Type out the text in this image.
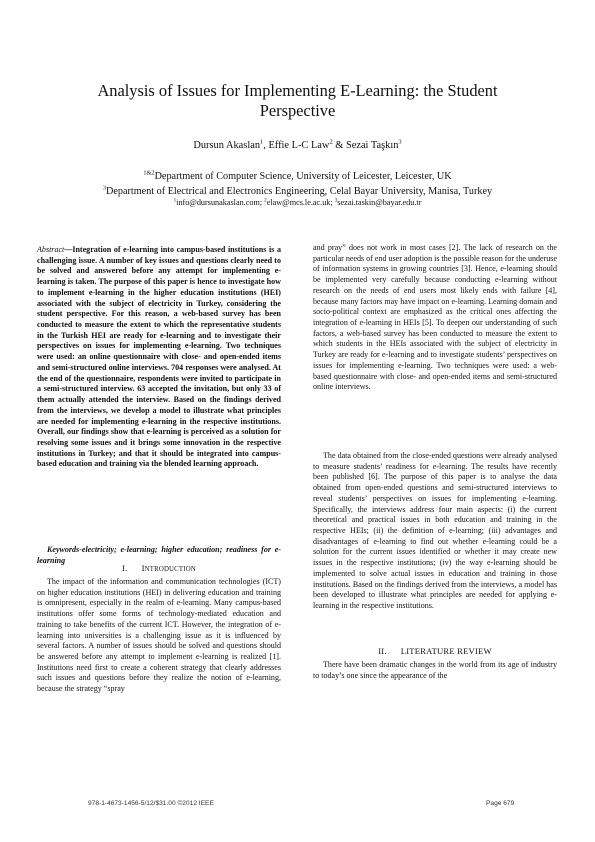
Analysis of Issues for Implementing E-Learning: the Student Perspective
Dursun Akaslan$^1$, Effie L-C Law$^2$ & Sezai Taşkın$^3$
$^{1\&2}$Department of Computer Science, University of Leicester, Leicester, UK
$^3$Department of Electrical and Electronics Engineering, Celal Bayar University, Manisa, Turkey
$^1$info@dursunakaslan.com; $^2$elaw@mcs.le.ac.uk; $^3$sezai.taskin@bayar.edu.tr

Abstract—Integration of e-learning into campus-based institutions is a challenging issue. A number of key issues and questions clearly need to be solved and answered before any attempt for implementing e-learning is taken. The purpose of this paper is hence to investigate how to implement e-learning in the higher education institutions (HEI) associated with the subject of electricity in Turkey, considering the student perspective. For this reason, a web-based survey has been conducted to measure the extent to which the representative students in the Turkish HEI are ready for e-learning and to investigate their perspectives on issues for implementing e-learning. Two techniques were used: an online questionnaire with close- and open-ended items and semi-structured online interviews. 704 responses were analysed. At the end of the questionnaire, respondents were invited to participate in a semi-structured interview. 63 accepted the invitation, but only 33 of them actually attended the interview. Based on the findings derived from the interviews, we develop a model to illustrate what principles are needed for implementing e-learning in the respective institutions. Overall, our findings show that e-learning is perceived as a solution for resolving some issues and it brings some innovation in the respective institutions in Turkey; and that it should be integrated into campus-based education and training via the blended learning approach.

Keywords-electricity; e-learning; higher education; readiness for e-learning
I. INTRODUCTION

The impact of the information and communication technologies (ICT) on higher education institutions (HEI) in delivering education and training is omnipresent, especially in the realm of e-learning. Many campus-based institutions offer some forms of technology-mediated education and training to take benefits of the current ICT. However, the integration of e-learning into universities is a challenging issue as it is influenced by several factors. A number of issues should be solved and questions should be answered before any attempt to implement e-learning is realized [1]. Institutions need first to create a coherent strategy that clearly addresses such issues and questions before they realize the notion of e-learning, because the strategy “spray

and pray” does not work in most cases [2]. The lack of research on the particular needs of end user adoption is the possible reason for the underuse of information systems in growing countries [3]. Hence, e-learning should be implemented very carefully because conducting e-learning without research on the needs of end users most likely ends with failure [4], because many factors may have impact on e-learning. Learning domain and socio-political context are emphasized as the critical ones affecting the integration of e-learning in HEIs [5]. To deepen our understanding of such factors, a web-based survey has been conducted to measure the extent to which students in the HEIs associated with the subject of electricity in Turkey are ready for e-learning and to investigate students’ perspectives on issues for implementing e-learning. Two techniques were used: a web-based questionnaire with close- and open-ended items and semi-structured online interviews.

The data obtained from the close-ended questions were already analysed to measure students’ readiness for e-learning. The results have recently been published [6]. The purpose of this paper is to analyse the data obtained from open-ended questions and semi-structured interviews to reveal students’ perspectives on issues for implementing e-learning. Specifically, the interviews address four main aspects: (i) the current theoretical and practical issues in both education and training in the respective HEIs; (ii) the definition of e-learning; (iii) advantages and disadvantages of e-learning to find out whether e-learning could be a solution for the current issues identified or whether it may create new issues in the respective institutions; (iv) the way e-learning should be implemented to solve actual issues in education and training in those institutions. Based on the findings derived from the interviews, a model has been developed to illustrate what principles are needed for applying e-learning in the respective institutions.

II. LITERATURE REVIEW

There have been dramatic changes in the world from its age of industry to today’s one since the appearance of the

978-1-4673-1456-5/12/$31.00 ©2012 IEEE	Page 679
